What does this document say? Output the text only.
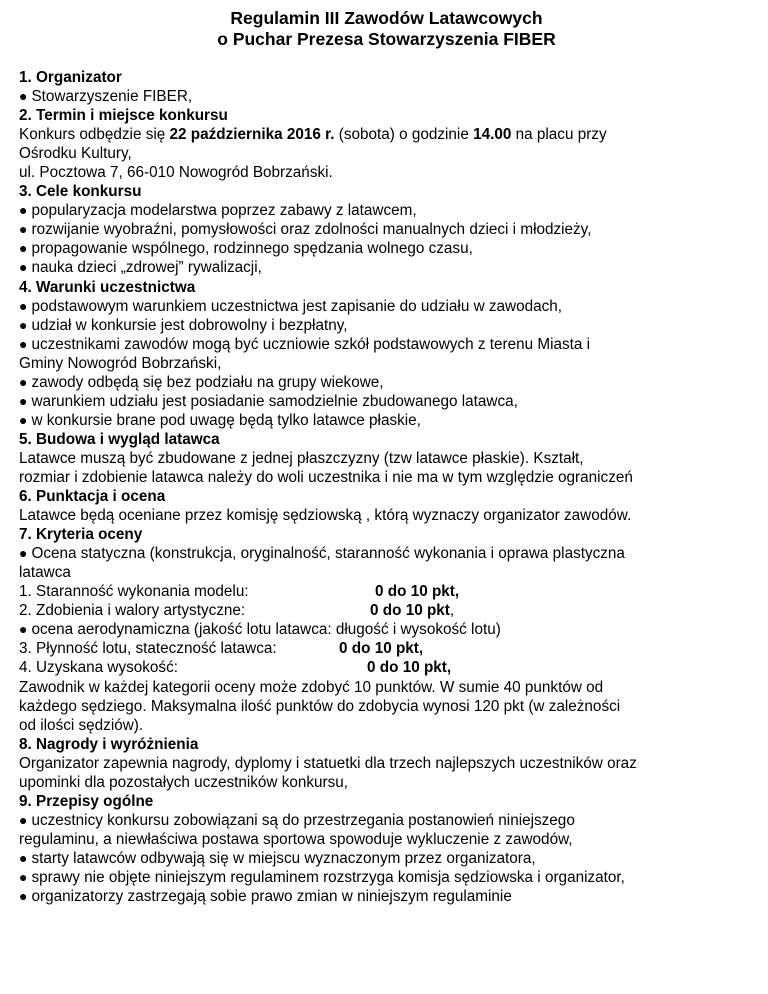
Regulamin III Zawodów Latawcowych

o Puchar Prezesa Stowarzyszenia FIBER

1. Organizator

● Stowarzyszenie FIBER,

2. Termin i miejsce konkursu

Konkurs odbędzie się 22 października 2016 r. (sobota) o godzinie 14.00 na placu przy

Ośrodku Kultury,

ul. Pocztowa 7, 66-010 Nowogród Bobrzański.

3. Cele konkursu

● popularyzacja modelarstwa poprzez zabawy z latawcem,

● rozwijanie wyobraźni, pomysłowości oraz zdolności manualnych dzieci i młodzieży,

● propagowanie wspólnego, rodzinnego spędzania wolnego czasu,

● nauka dzieci „zdrowej” rywalizacji,

4. Warunki uczestnictwa

● podstawowym warunkiem uczestnictwa jest zapisanie do udziału w zawodach,

● udział w konkursie jest dobrowolny i bezpłatny,

● uczestnikami zawodów mogą być uczniowie szkół podstawowych z terenu Miasta i

Gminy Nowogród Bobrzański,

● zawody odbędą się bez podziału na grupy wiekowe,

● warunkiem udziału jest posiadanie samodzielnie zbudowanego latawca,

● w konkursie brane pod uwagę będą tylko latawce płaskie,

5. Budowa i wygląd latawca

Latawce muszą być zbudowane z jednej płaszczyzny (tzw latawce płaskie). Kształt,

rozmiar i zdobienie latawca należy do woli uczestnika i nie ma w tym względzie ograniczeń

6. Punktacja i ocena

Latawce będą oceniane przez komisję sędziowską , którą wyznaczy organizator zawodów.

7. Kryteria oceny

● Ocena statyczna (konstrukcja, oryginalność, staranność wykonania i oprawa plastyczna

latawca

1. Staranność wykonania modelu:	0 do 10 pkt,

2. Zdobienia i walory artystyczne:	0 do 10 pkt ,

● ocena aerodynamiczna (jakość lotu latawca: długość i wysokość lotu)

3. Płynność lotu, stateczność latawca:	0 do 10 pkt,

4. Uzyskana wysokość:	0 do 10 pkt,

Zawodnik w każdej kategorii oceny może zdobyć 10 punktów. W sumie 40 punktów od

każdego sędziego. Maksymalna ilość punktów do zdobycia wynosi 120 pkt (w zależności

od ilości sędziów).

8. Nagrody i wyróżnienia

Organizator zapewnia nagrody, dyplomy i statuetki dla trzech najlepszych uczestników oraz

upominki dla pozostałych uczestników konkursu,

9. Przepisy ogólne

● uczestnicy konkursu zobowiązani są do przestrzegania postanowień niniejszego

regulaminu, a niewłaściwa postawa sportowa spowoduje wykluczenie z zawodów,

● starty latawców odbywają się w miejscu wyznaczonym przez organizatora,

● sprawy nie objęte niniejszym regulaminem rozstrzyga komisja sędziowska i organizator,

● organizatorzy zastrzegają sobie prawo zmian w niniejszym regulaminie
